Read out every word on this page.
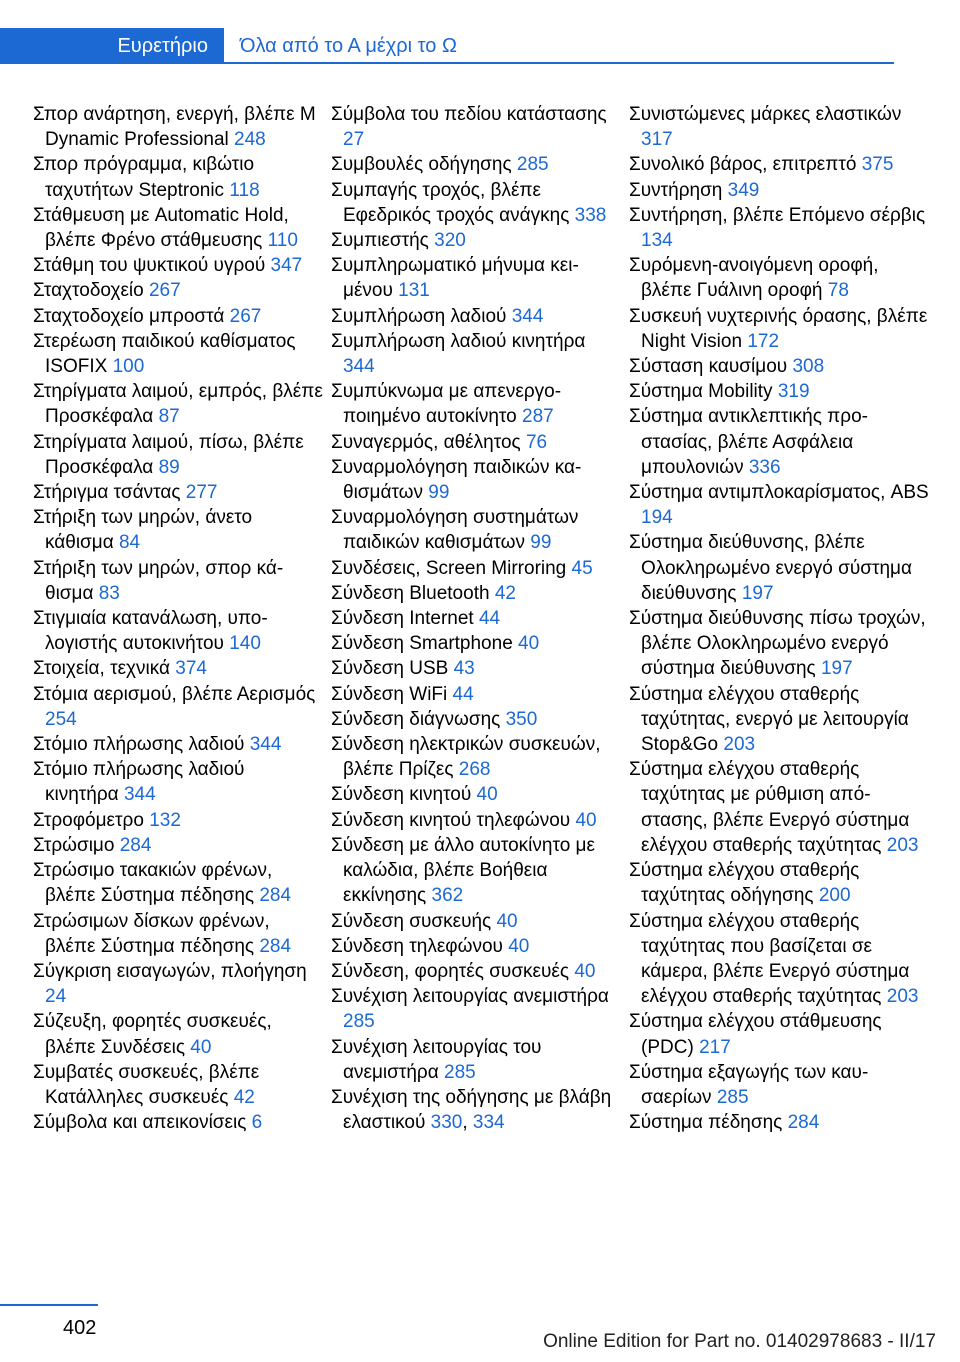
Ευρετήριο	Όλα από το Α μέχρι το Ω
Σπορ ανάρτηση, ενεργή, βλέπε M Dynamic Professional 248
Σπορ πρόγραμμα, κιβώτιο ταχυτήτων Steptronic 118
Στάθμευση με Automatic Hold, βλέπε Φρένο στάθμευσης 110
Στάθμη του ψυκτικού υγρού 347
Σταχτοδοχείο 267
Σταχτοδοχείο μπροστά 267
Στερέωση παιδικού καθίσματος ISOFIX 100
Στηρίγματα λαιμού, εμπρός, βλέπε Προσκέφαλα 87
Στηρίγματα λαιμού, πίσω, βλέπε Προσκέφαλα 89
Στήριγμα τσάντας 277
Στήριξη των μηρών, άνετο κάθισμα 84
Στήριξη των μηρών, σπορ κάθισμα 83
Στιγμιαία κατανάλωση, υπολογιστής αυτοκινήτου 140
Στοιχεία, τεχνικά 374
Στόμια αερισμού, βλέπε Αερισμός 254
Στόμιο πλήρωσης λαδιού 344
Στόμιο πλήρωσης λαδιού κινητήρα 344
Στροφόμετρο 132
Στρώσιμο 284
Στρώσιμο τακακιών φρένων, βλέπε Σύστημα πέδησης 284
Στρώσιμων δίσκων φρένων, βλέπε Σύστημα πέδησης 284
Σύγκριση εισαγωγών, πλοήγηση 24
Σύζευξη, φορητές συσκευές, βλέπε Συνδέσεις 40
Συμβατές συσκευές, βλέπε Κατάλληλες συσκευές 42
Σύμβολα και απεικονίσεις 6
Σύμβολα του πεδίου κατάστασης 27
Συμβουλές οδήγησης 285
Συμπαγής τροχός, βλέπε Εφεδρικός τροχός ανάγκης 338
Συμπιεστής 320
Συμπληρωματικό μήνυμα κειμένου 131
Συμπλήρωση λαδιού 344
Συμπλήρωση λαδιού κινητήρα 344
Συμπύκνωμα με απενεργοποιημένο αυτοκίνητο 287
Συναγερμός, αθέλητος 76
Συναρμολόγηση παιδικών καθισμάτων 99
Συναρμολόγηση συστημάτων παιδικών καθισμάτων 99
Συνδέσεις, Screen Mirroring 45
Σύνδεση Bluetooth 42
Σύνδεση Internet 44
Σύνδεση Smartphone 40
Σύνδεση USB 43
Σύνδεση WiFi 44
Σύνδεση διάγνωσης 350
Σύνδεση ηλεκτρικών συσκευών, βλέπε Πρίζες 268
Σύνδεση κινητού 40
Σύνδεση κινητού τηλεφώνου 40
Σύνδεση με άλλο αυτοκίνητο με καλώδια, βλέπε Βοήθεια εκκίνησης 362
Σύνδεση συσκευής 40
Σύνδεση τηλεφώνου 40
Σύνδεση, φορητές συσκευές 40
Συνέχιση λειτουργίας ανεμιστήρα 285
Συνέχιση λειτουργίας του ανεμιστήρα 285
Συνέχιση της οδήγησης με βλάβη ελαστικού 330, 334
Συνιστώμενες μάρκες ελαστικών 317
Συνολικό βάρος, επιτρεπτό 375
Συντήρηση 349
Συντήρηση, βλέπε Επόμενο σέρβις 134
Συρόμενη-ανοιγόμενη οροφή, βλέπε Γυάλινη οροφή 78
Συσκευή νυχτερινής όρασης, βλέπε Night Vision 172
Σύσταση καυσίμου 308
Σύστημα Mobility 319
Σύστημα αντικλεπτικής προστασίας, βλέπε Ασφάλεια μπουλονιών 336
Σύστημα αντιμπλοκαρίσματος, ABS 194
Σύστημα διεύθυνσης, βλέπε Ολοκληρωμένο ενεργό σύστημα διεύθυνσης 197
Σύστημα διεύθυνσης πίσω τροχών, βλέπε Ολοκληρωμένο ενεργό σύστημα διεύθυνσης 197
Σύστημα ελέγχου σταθερής ταχύτητας, ενεργό με λειτουργία Stop&Go 203
Σύστημα ελέγχου σταθερής ταχύτητας με ρύθμιση απόστασης, βλέπε Ενεργό σύστημα ελέγχου σταθερής ταχύτητας 203
Σύστημα ελέγχου σταθερής ταχύτητας οδήγησης 200
Σύστημα ελέγχου σταθερής ταχύτητας που βασίζεται σε κάμερα, βλέπε Ενεργό σύστημα ελέγχου σταθερής ταχύτητας 203
Σύστημα ελέγχου στάθμευσης (PDC) 217
Σύστημα εξαγωγής των καυσαερίων 285
Σύστημα πέδησης 284
402
Online Edition for Part no. 01402978683 - II/17
